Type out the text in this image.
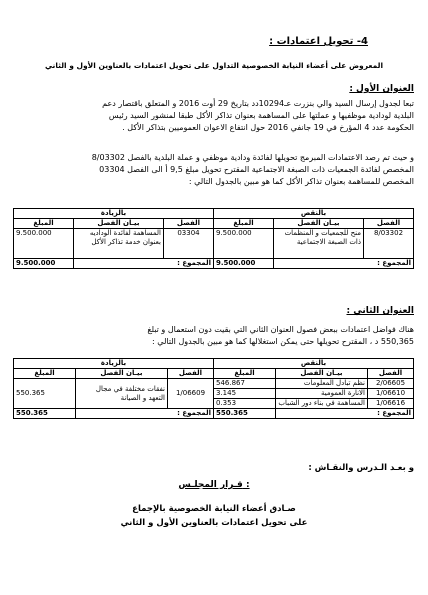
4- تحويل اعتمادات :
المعروض على أعضاء النيابة الخصوصية التداول على تحويل اعتمادات بالعناوين الأول و الثاني
العنوان الأول :
تبعا لجدول إرسال السيد والي بنزرت عـ10294دد بتاريخ 29 أوت 2016 و المتعلق باقتصار دعم
البلدية لودادية موظفيها و عملتها على المساهمة بعنوان تذاكر الأكل طبقا لمنشور السيد رئيس
الحكومة عدد 4 المؤرخ في 19 جانفي 2016 حول انتفاع الاعوان العموميين بتذاكر الأكل .
و حيث تم رصد الاعتمادات المبرمج تحويلها لفائدة ودادية موظفي و عملة البلدية بالفصل 8/03302
المخصص لفائدة الجمعيات ذات الصبغة الاجتماعية المقترح تحويل مبلغ 9,5 أ الى الفصل 03304
المخصص للمساهمة بعنوان تذاكر الأكل كما هو مبين بالجدول التالي :
بالنقص			بالزيادة		
الفصل	بيـان الفصل	المبلغ	الفصل	بيـان الفصل	المبلغ
8/03302	منح للجمعيات و المنظمات ذات الصبغة الاجتماعية	9.500.000	03304	المساهمة لفائدة الوداديه بعنوان خدمة تذاكر الأكل	9.500.000
المجموع :		9.500.000	المجموع :		9.500.000
العنوان الثاني :
هناك فواضل اعتمادات ببعض فصول العنوان الثاني التي بقيت دون استعمال و تبلغ
550,365 د ، المقترح تحويلها حتى يمكن استغلالها كما هو مبين بالجدول التالي :
بالنقص			بالزيادة		
الفصل	بيـان الفصل	المبلغ	الفصل	بيـان الفصل	المبلغ
2/06605	نظم تبادل المعلومات	546.867	1/06609	نفقات مختلفة في مجال التعهد و الصيانة	550.365
1/06610	الانارة العمومية	3.145			
1/06616	المساهمة في بناء دور الشباب	0.353			
المجموع :		550.365	المجموع :		550.365
و بعـد الـدرس والنقـاش :
قـرار المجلـس :
صـادق أعضاء النيابة الخصوصية بالإجماع
على تحويل اعتمادات بالعناوين الأول و الثاني
